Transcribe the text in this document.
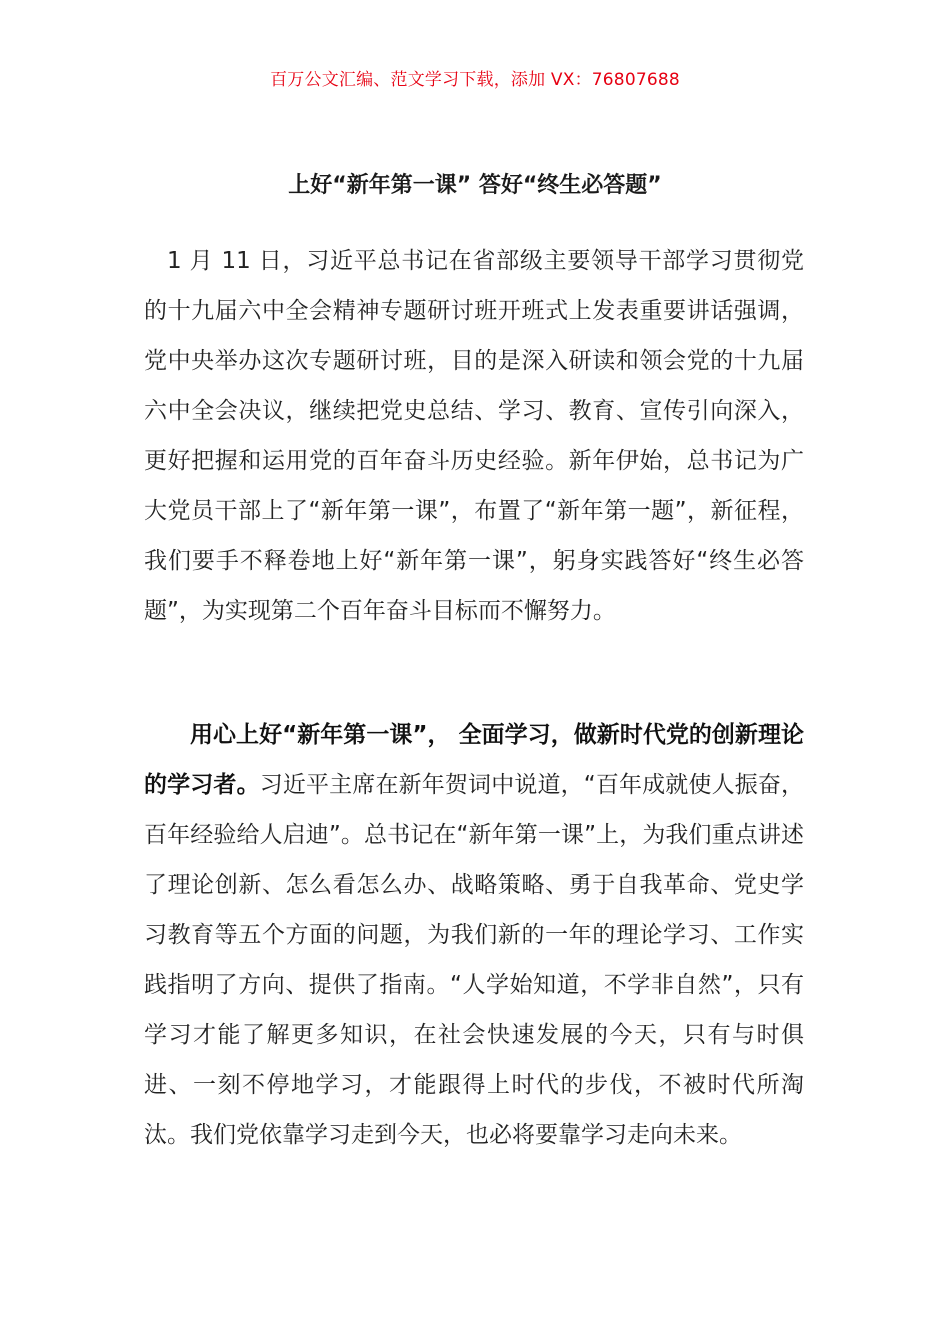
百万公文汇编、范文学习下载，添加 VX：76807688
上好“新年第一课” 答好“终生必答题”

1 月 11 日，习近平总书记在省部级主要领导干部学习贯彻党的十九届六中全会精神专题研讨班开班式上发表重要讲话强调，党中央举办这次专题研讨班，目的是深入研读和领会党的十九届六中全会决议，继续把党史总结、学习、教育、宣传引向深入，更好把握和运用党的百年奋斗历史经验。新年伊始，总书记为广大党员干部上了“新年第一课”，布置了“新年第一题”，新征程，我们要手不释卷地上好“新年第一课”，躬身实践答好“终生必答题”，为实现第二个百年奋斗目标而不懈努力。

用心上好“新年第一课”， 全面学习，做新时代党的创新理论的学习者。习近平主席在新年贺词中说道，“百年成就使人振奋，百年经验给人启迪”。总书记在“新年第一课”上，为我们重点讲述了理论创新、怎么看怎么办、战略策略、勇于自我革命、党史学习教育等五个方面的问题，为我们新的一年的理论学习、工作实践指明了方向、提供了指南。“人学始知道，不学非自然”，只有学习才能了解更多知识，在社会快速发展的今天，只有与时俱进、一刻不停地学习，才能跟得上时代的步伐，不被时代所淘汰。我们党依靠学习走到今天，也必将要靠学习走向未来。
